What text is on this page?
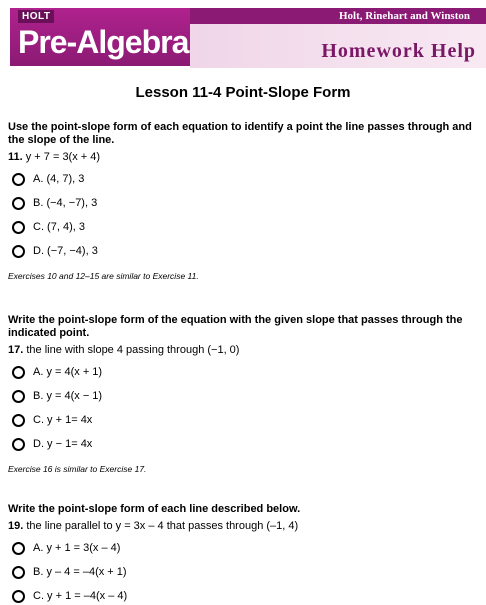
HOLT
Pre-Algebra
Holt, Rinehart and Winston
Homework Help
Lesson 11-4 Point-Slope Form
Use the point-slope form of each equation to identify a point the line passes through and the slope of the line.
11. y + 7 = 3(x + 4)
A. (4, 7), 3
B. (−4, −7), 3
C. (7, 4), 3
D. (−7, −4), 3
Exercises 10 and 12–15 are similar to Exercise 11.
Write the point-slope form of the equation with the given slope that passes through the indicated point.
17. the line with slope 4 passing through (−1, 0)
A. y = 4(x + 1)
B. y = 4(x − 1)
C. y + 1= 4x
D. y − 1= 4x
Exercise 16 is similar to Exercise 17.
Write the point-slope form of each line described below.
19. the line parallel to y = 3x – 4 that passes through (–1, 4)
A. y + 1 = 3(x – 4)
B. y – 4 = –4(x + 1)
C. y + 1 = –4(x – 4)
